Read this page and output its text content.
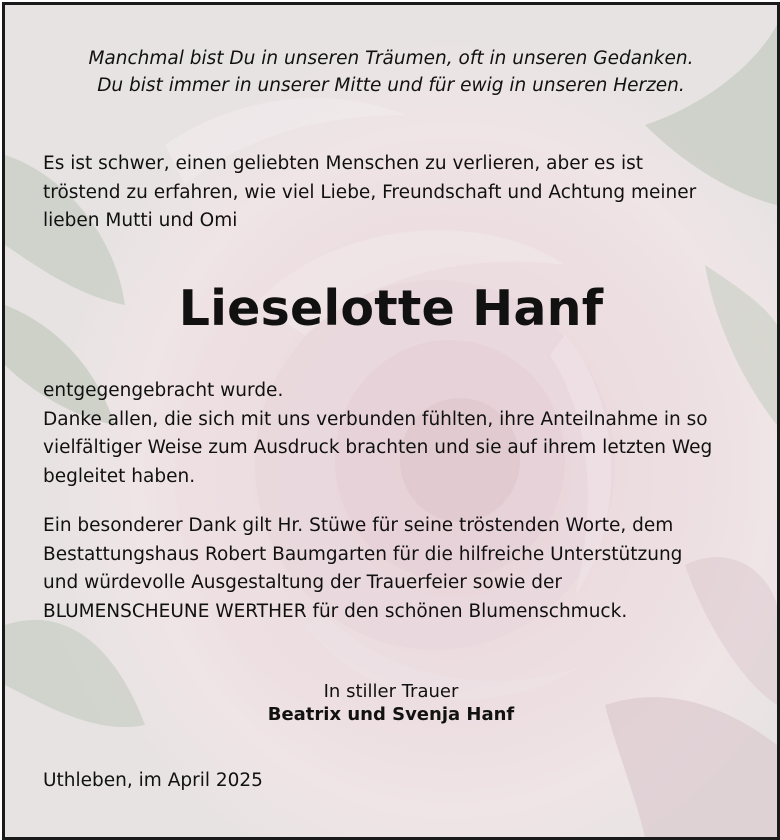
Manchmal bist Du in unseren Träumen, oft in unseren Gedanken.
Du bist immer in unserer Mitte und für ewig in unseren Herzen.
Es ist schwer, einen geliebten Menschen zu verlieren, aber es ist
tröstend zu erfahren, wie viel Liebe, Freundschaft und Achtung meiner
lieben Mutti und Omi
Lieselotte Hanf
entgegengebracht wurde.
Danke allen, die sich mit uns verbunden fühlten, ihre Anteilnahme in so
vielfältiger Weise zum Ausdruck brachten und sie auf ihrem letzten Weg
begleitet haben.
Ein besonderer Dank gilt Hr. Stüwe für seine tröstenden Worte, dem
Bestattungshaus Robert Baumgarten für die hilfreiche Unterstützung
und würdevolle Ausgestaltung der Trauerfeier sowie der
BLUMENSCHEUNE WERTHER für den schönen Blumenschmuck.
In stiller Trauer
Beatrix und Svenja Hanf
Uthleben, im April 2025
